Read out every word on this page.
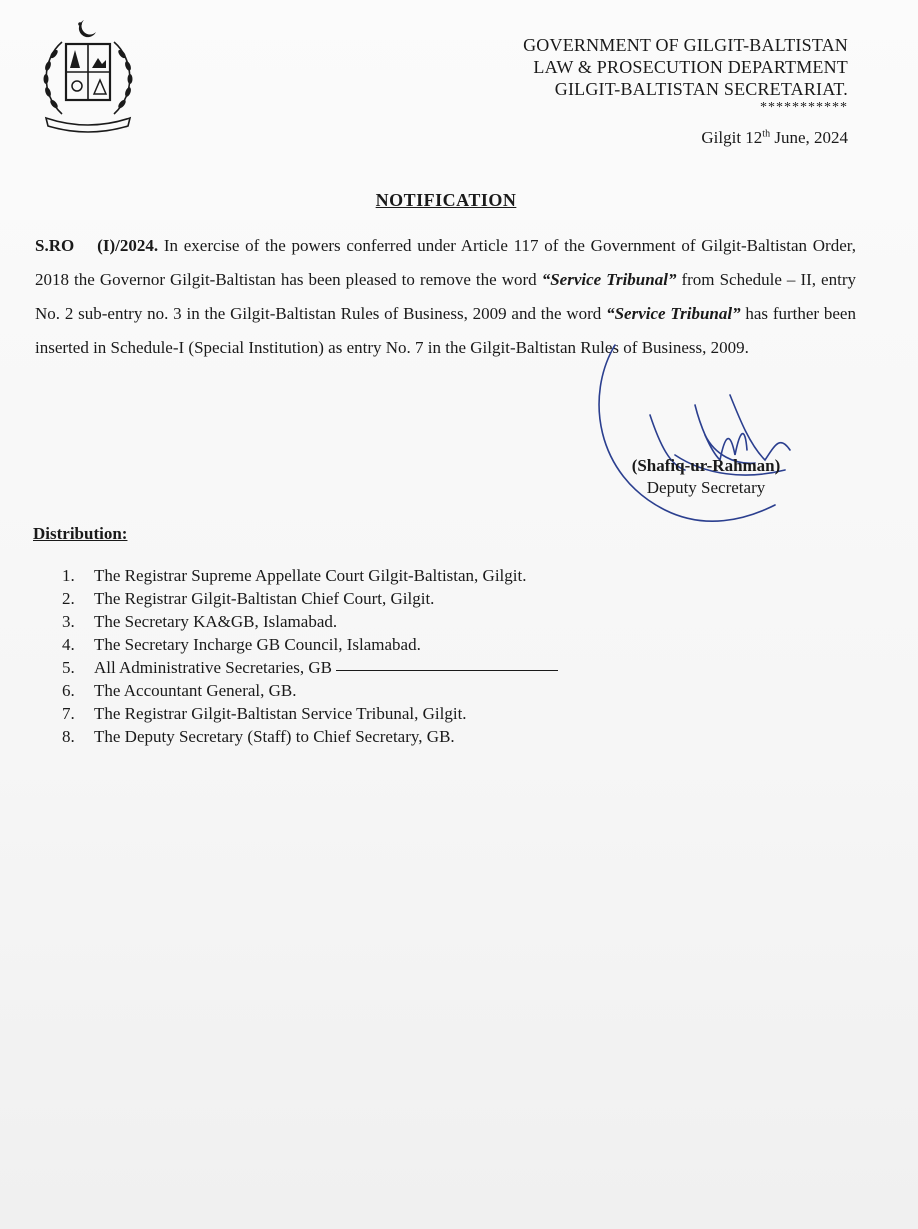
GOVERNMENT OF GILGIT-BALTISTAN
LAW & PROSECUTION DEPARTMENT
GILGIT-BALTISTAN SECRETARIAT.
***********
Gilgit 12th June, 2024
NOTIFICATION
S.RO (I)/2024. In exercise of the powers conferred under Article 117 of the Government of Gilgit-Baltistan Order, 2018 the Governor Gilgit-Baltistan has been pleased to remove the word “Service Tribunal” from Schedule – II, entry No. 2 sub-entry no. 3 in the Gilgit-Baltistan Rules of Business, 2009 and the word “Service Tribunal” has further been inserted in Schedule-I (Special Institution) as entry No. 7 in the Gilgit-Baltistan Rules of Business, 2009.
(Shafiq-ur-Rahman)
Deputy Secretary
Distribution:
1.	The Registrar Supreme Appellate Court Gilgit-Baltistan, Gilgit.
2.	The Registrar Gilgit-Baltistan Chief Court, Gilgit.
3.	The Secretary KA&GB, Islamabad.
4.	The Secretary Incharge GB Council, Islamabad.
5.	All Administrative Secretaries, GB
6.	The Accountant General, GB.
7.	The Registrar Gilgit-Baltistan Service Tribunal, Gilgit.
8.	The Deputy Secretary (Staff) to Chief Secretary, GB.
